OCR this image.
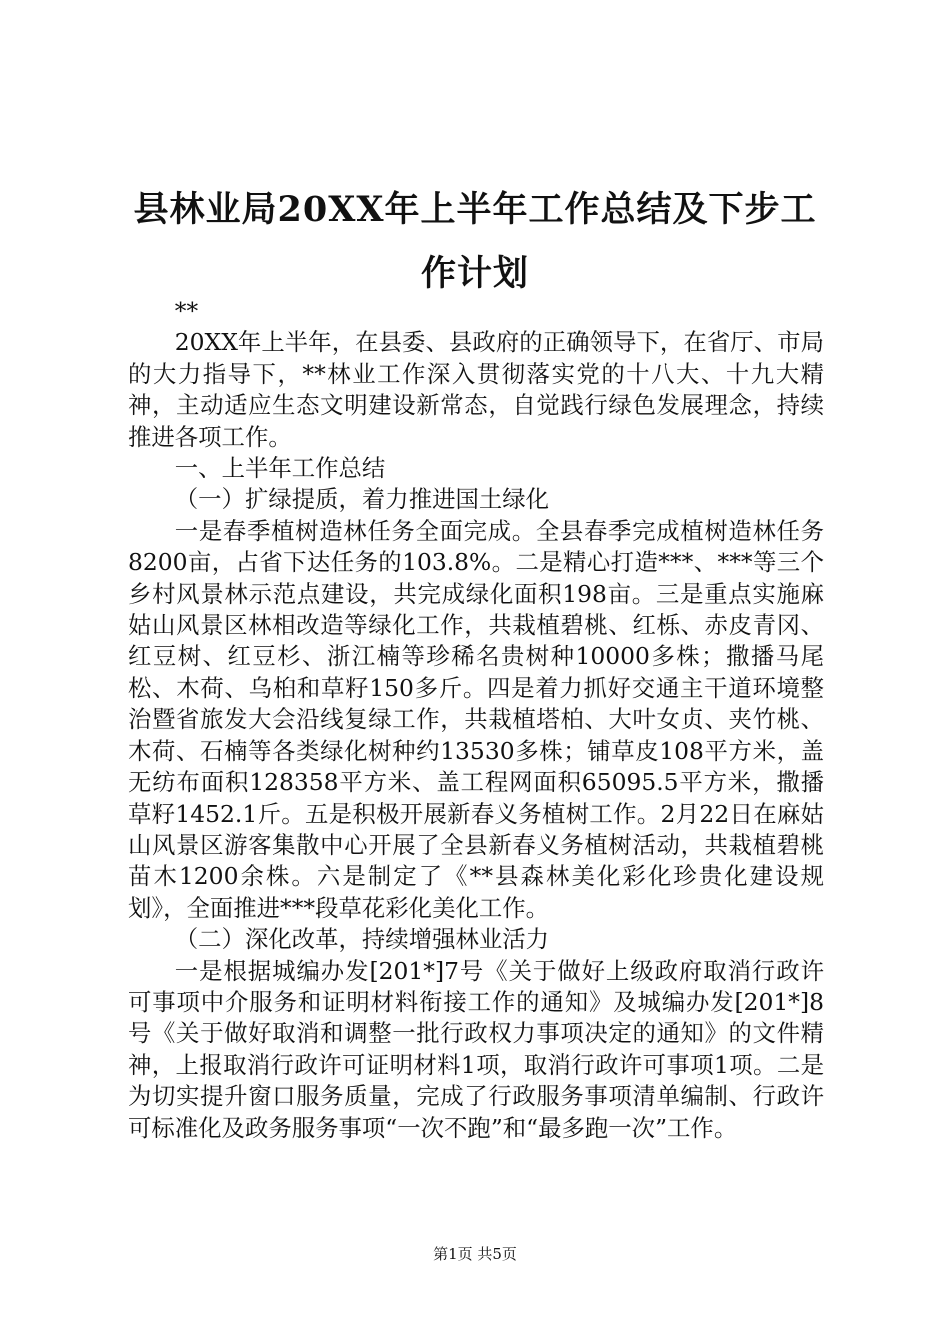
县林业局20XX年上半年工作总结及下步工作计划

**

20XX年上半年，在县委、县政府的正确领导下，在省厅、市局的大力指导下，**林业工作深入贯彻落实党的十八大、十九大精神，主动适应生态文明建设新常态，自觉践行绿色发展理念，持续推进各项工作。

一、上半年工作总结

（一）扩绿提质，着力推进国土绿化

一是春季植树造林任务全面完成。全县春季完成植树造林任务8200亩，占省下达任务的103.8%。二是精心打造***、***等三个乡村风景林示范点建设，共完成绿化面积198亩。三是重点实施麻姑山风景区林相改造等绿化工作，共栽植碧桃、红栎、赤皮青冈、红豆树、红豆杉、浙江楠等珍稀名贵树种10000多株；撒播马尾松、木荷、乌桕和草籽150多斤。四是着力抓好交通主干道环境整治暨省旅发大会沿线复绿工作，共栽植塔柏、大叶女贞、夹竹桃、木荷、石楠等各类绿化树种约13530多株；铺草皮108平方米，盖无纺布面积128358平方米、盖工程网面积65095.5平方米，撒播草籽1452.1斤。五是积极开展新春义务植树工作。2月22日在麻姑山风景区游客集散中心开展了全县新春义务植树活动，共栽植碧桃苗木1200余株。六是制定了《**县森林美化彩化珍贵化建设规划》，全面推进***段草花彩化美化工作。

（二）深化改革，持续增强林业活力

一是根据城编办发[201*]7号《关于做好上级政府取消行政许可事项中介服务和证明材料衔接工作的通知》及城编办发[201*]8号《关于做好取消和调整一批行政权力事项决定的通知》的文件精神，上报取消行政许可证明材料1项，取消行政许可事项1项。二是为切实提升窗口服务质量，完成了行政服务事项清单编制、行政许可标准化及政务服务事项“一次不跑”和“最多跑一次”工作。

第1页 共5页
